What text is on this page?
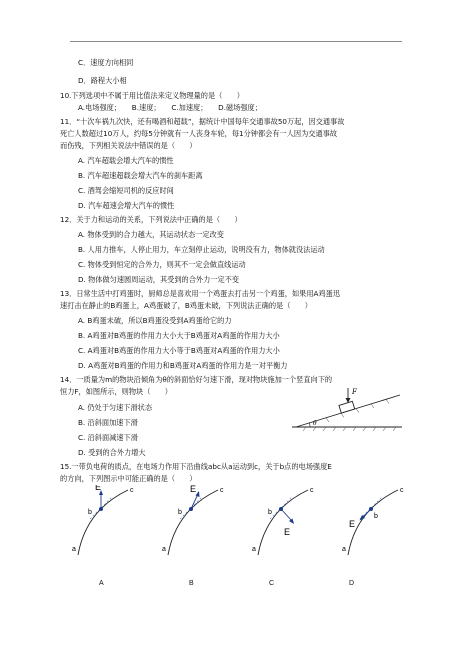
C．速度方向相同
D．路程大小相
10.下列选项中不属于用比值法来定义物理量的是（　　）
A.电场强度；　　B.速度；　　C.加速度；　　D.磁场强度；
11．“十次车祸九次快，还有喝酒和超载”，据统计中国每年交通事故50万起，因交通事故
死亡人数超过10万人，约每5分钟就有一人丧身车轮，每1分钟都会有一人因为交通事故
而伤残，下列相关说法中错误的是（　　）
A. 汽车超载会增大汽车的惯性
B. 汽车超速超载会增大汽车的刹车距离
C. 酒驾会缩短司机的反应时间
D. 汽车超速会增大汽车的惯性
12．关于力和运动的关系，下列说法中正确的是（　　）
A. 物体受到的合力越大，其运动状态一定改变
B. 人用力推车，人停止用力，车立刻停止运动，说明没有力，物体就没法运动
C. 物体受到恒定的合外力，则其不一定会做直线运动
D. 物体做匀速圆周运动，其受到的合外力一定不变
13．日常生活中打鸡蛋时，厨师总是喜欢用一个鸡蛋去打击另一个鸡蛋，如果用A鸡蛋迅
速打击在静止的B鸡蛋上，A鸡蛋破了，B鸡蛋未破，下列说法正确的是（　　）
A. B鸡蛋未破，所以B鸡蛋没受到A鸡蛋给它的力
B. A鸡蛋对B鸡蛋的作用力大小大于B鸡蛋对A鸡蛋的作用力大小
C. A鸡蛋对B鸡蛋的作用力大小等于B鸡蛋对A鸡蛋的作用力大小
D. A鸡蛋对B鸡蛋的作用力和B鸡蛋对A鸡蛋的作用力是一对平衡力
14．一质量为m的物块沿倾角为θ的斜面恰好匀速下滑，现对物块施加一个竖直向下的
恒力F，如图所示，则物块（　　）
A. 仍处于匀速下滑状态
B. 沿斜面加速下滑
C. 沿斜面减速下滑
D. 受到的合外力增大
F
θ
15.一带负电荷的质点，在电场力作用下沿曲线abc从a运动到c，关于b点的电场强度E
的方向，下列图示中可能正确的是（　　）
E
b
a
c	E
b
a
c
E
b
a
c
E
b
a
c
A	B	C	D
